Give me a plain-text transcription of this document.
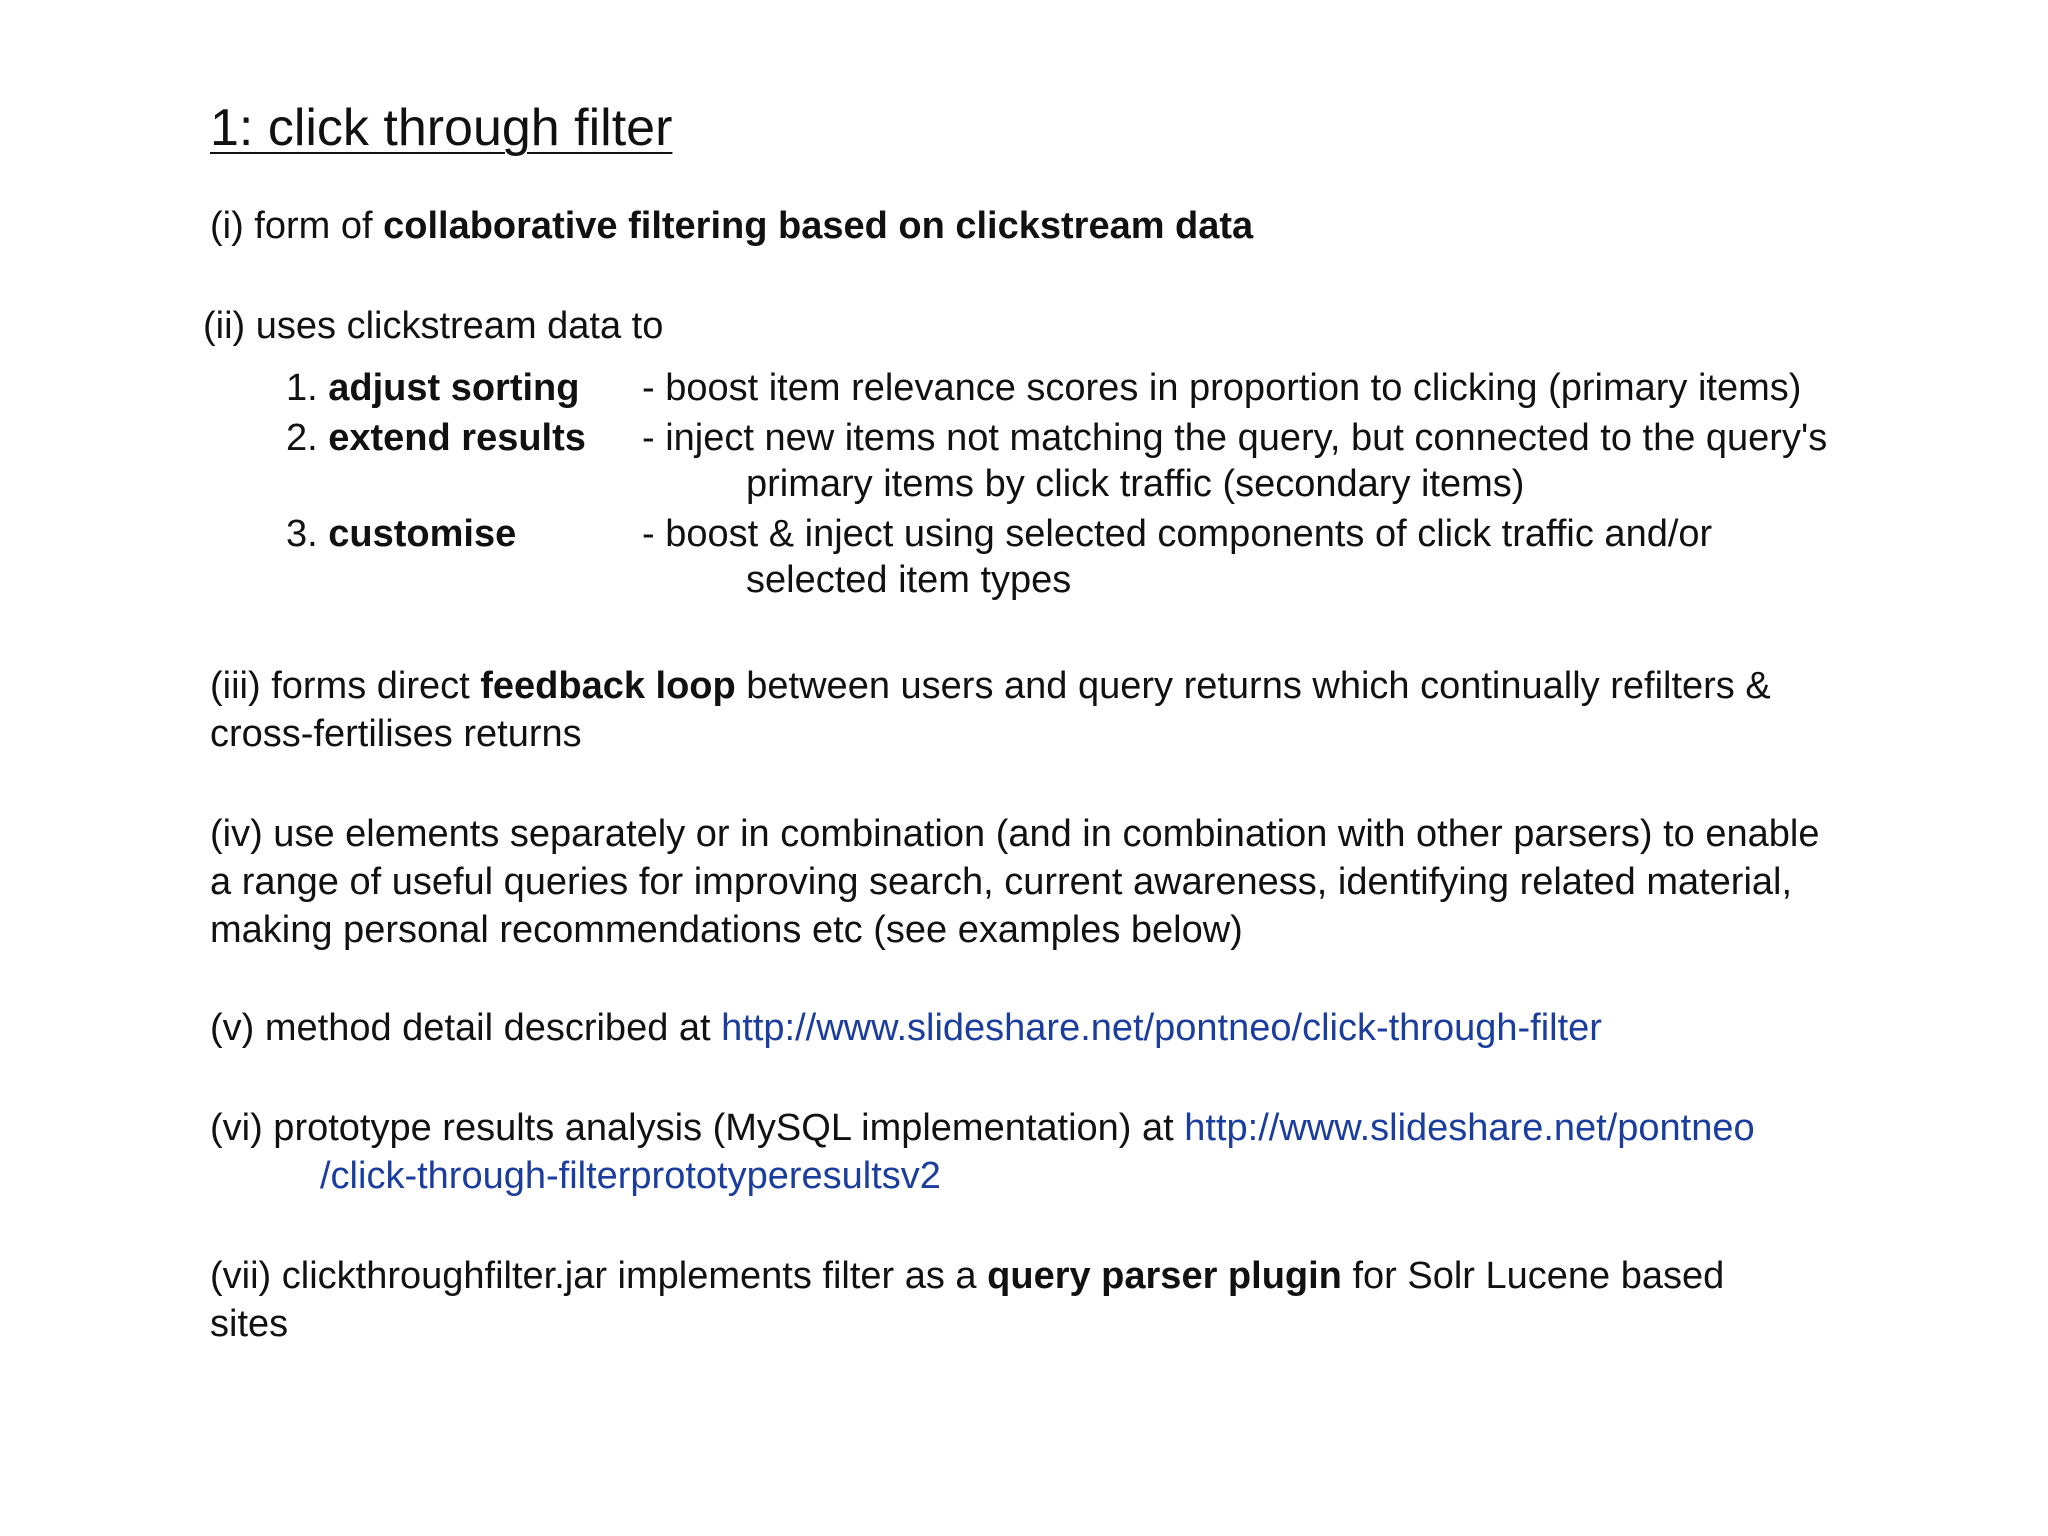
1: click through filter
(i) form of collaborative filtering based on clickstream data
(ii) uses clickstream data to
1. adjust sorting - boost item relevance scores in proportion to clicking (primary items)
2. extend results - inject new items not matching the query, but connected to the query's
primary items by click traffic (secondary items)
3. customise	- boost & inject using selected components of click traffic and/or
selected item types
(iii) forms direct feedback loop between users and query returns which continually refilters &
cross-fertilises returns
(iv) use elements separately or in combination (and in combination with other parsers) to enable
a range of useful queries for improving search, current awareness, identifying related material,
making personal recommendations etc (see examples below)
(v) method detail described at http://www.slideshare.net/pontneo/click-through-filter
(vi) prototype results analysis (MySQL implementation) at http://www.slideshare.net/pontneo
/click-through-filterprototyperesultsv2
(vii) clickthroughfilter.jar implements filter as a query parser plugin for Solr Lucene based
sites
